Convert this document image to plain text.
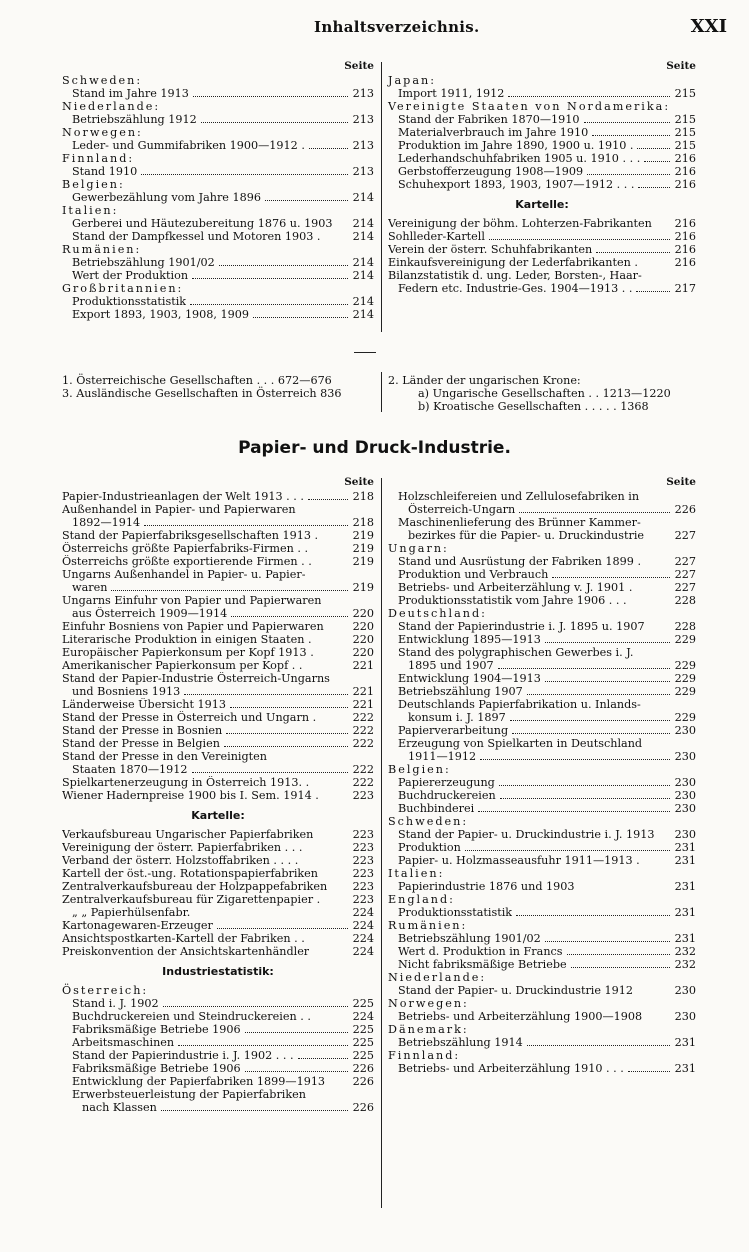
Inhaltsverzeichnis.	XXI
Seite
Schweden:
Stand im Jahre 1913	213
Niederlande:
Betriebszählung 1912	213
Norwegen:
Leder- und Gummifabriken 1900—1912 .	213
Finnland:
Stand 1910	213
Belgien:
Gewerbezählung vom Jahre 1896	214
Italien:
Gerberei und Häutezubereitung 1876 u. 1903 214
Stand der Dampfkessel und Motoren 1903 .	214
Rumänien:
Betriebszählung 1901/02	214
Wert der Produktion	214
Großbritannien:
Produktionsstatistik	214
Export 1893, 1903, 1908, 1909	214
Seite
Japan:
Import 1911, 1912	215
Vereinigte Staaten von Nordamerika:
Stand der Fabriken 1870—1910	215
Materialverbrauch im Jahre 1910	215
Produktion im Jahre 1890, 1900 u. 1910 .	215
Lederhandschuhfabriken 1905 u. 1910 . . .	216
Gerbstofferzeugung 1908—1909	216
Schuhexport 1893, 1903, 1907—1912 . . .	216
Kartelle:
Vereinigung der böhm. Lohterzen-Fabrikanten 216
Sohlleder-Kartell	216
Verein der österr. Schuhfabrikanten	216
Einkaufsvereinigung der Lederfabrikanten .	216
Bilanzstatistik d. ung. Leder, Borsten-, Haar-
Federn etc. Industrie-Ges. 1904—1913 . .	217
1. Österreichische Gesellschaften . . . 672—676
3. Ausländische Gesellschaften in Österreich 836
2. Länder der ungarischen Krone:
a) Ungarische Gesellschaften . . 1213—1220
b) Kroatische Gesellschaften . . . . . 1368
Papier- und Druck-Industrie.
Seite
Papier-Industrieanlagen der Welt 1913 . . .	218
Außenhandel in Papier- und Papierwaren
1892—1914	218
Stand der Papierfabriksgesellschaften 1913 .	219
Österreichs größte Papierfabriks-Firmen . .	219
Österreichs größte exportierende Firmen . .	219
Ungarns Außenhandel in Papier- u. Papier-
waren	219
Ungarns Einfuhr von Papier und Papierwaren
aus Österreich 1909—1914	220
Einfuhr Bosniens von Papier und Papierwaren	220
Literarische Produktion in einigen Staaten .	220
Europäischer Papierkonsum per Kopf 1913 .	220
Amerikanischer Papierkonsum per Kopf . .	221
Stand der Papier-Industrie Österreich-Ungarns
und Bosniens 1913	221
Länderweise Übersicht 1913	221
Stand der Presse in Österreich und Ungarn .	222
Stand der Presse in Bosnien	222
Stand der Presse in Belgien	222
Stand der Presse in den Vereinigten
Staaten 1870—1912	222
Spielkartenerzeugung in Österreich 1913. .	222
Wiener Hadernpreise 1900 bis I. Sem. 1914 .	223
Kartelle:
Verkaufsbureau Ungarischer Papierfabriken	223
Vereinigung der österr. Papierfabriken . . .	223
Verband der österr. Holzstoffabriken . . . .	223
Kartell der öst.-ung. Rotationspapierfabriken	223
Zentralverkaufsbureau der Holzpappefabriken 223
Zentralverkaufsbureau für Zigarettenpapier .	223
„ „ Papierhülsenfabr.	224
Kartonagewaren-Erzeuger	224
Ansichtspostkarten-Kartell der Fabriken . .	224
Preiskonvention der Ansichtskartenhändler	224
Industriestatistik:
Österreich:
Stand i. J. 1902	225
Buchdruckereien und Steindruckereien . .	224
Fabriksmäßige Betriebe 1906	225
Arbeitsmaschinen	225
Stand der Papierindustrie i. J. 1902 . . .	225
Fabriksmäßige Betriebe 1906	226
Entwicklung der Papierfabriken 1899—1913 226
Erwerbsteuerleistung der Papierfabriken
nach Klassen	226
Seite
Holzschleifereien und Zellulosefabriken in
Österreich-Ungarn	226
Maschinenlieferung des Brünner Kammer-
bezirkes für die Papier- u. Druckindustrie	227
Ungarn:
Stand und Ausrüstung der Fabriken 1899 .	227
Produktion und Verbrauch	227
Betriebs- und Arbeiterzählung v. J. 1901 .	227
Produktionsstatistik vom Jahre 1906 . . .	228
Deutschland:
Stand der Papierindustrie i. J. 1895 u. 1907	228
Entwicklung 1895—1913	229
Stand des polygraphischen Gewerbes i. J.
1895 und 1907	229
Entwicklung 1904—1913	229
Betriebszählung 1907	229
Deutschlands Papierfabrikation u. Inlands-
konsum i. J. 1897	229
Papierverarbeitung	230
Erzeugung von Spielkarten in Deutschland
1911—1912	230
Belgien:
Papiererzeugung	230
Buchdruckereien	230
Buchbinderei	230
Schweden:
Stand der Papier- u. Druckindustrie i. J. 1913 230
Produktion	231
Papier- u. Holzmasseausfuhr 1911—1913 .	231
Italien:
Papierindustrie 1876 und 1903	231
England:
Produktionsstatistik	231
Rumänien:
Betriebszählung 1901/02	231
Wert d. Produktion in Francs	232
Nicht fabriksmäßige Betriebe	232
Niederlande:
Stand der Papier- u. Druckindustrie 1912	230
Norwegen:
Betriebs- und Arbeiterzählung 1900—1908	230
Dänemark:
Betriebszählung 1914	231
Finnland:
Betriebs- und Arbeiterzählung 1910 . . .	231
